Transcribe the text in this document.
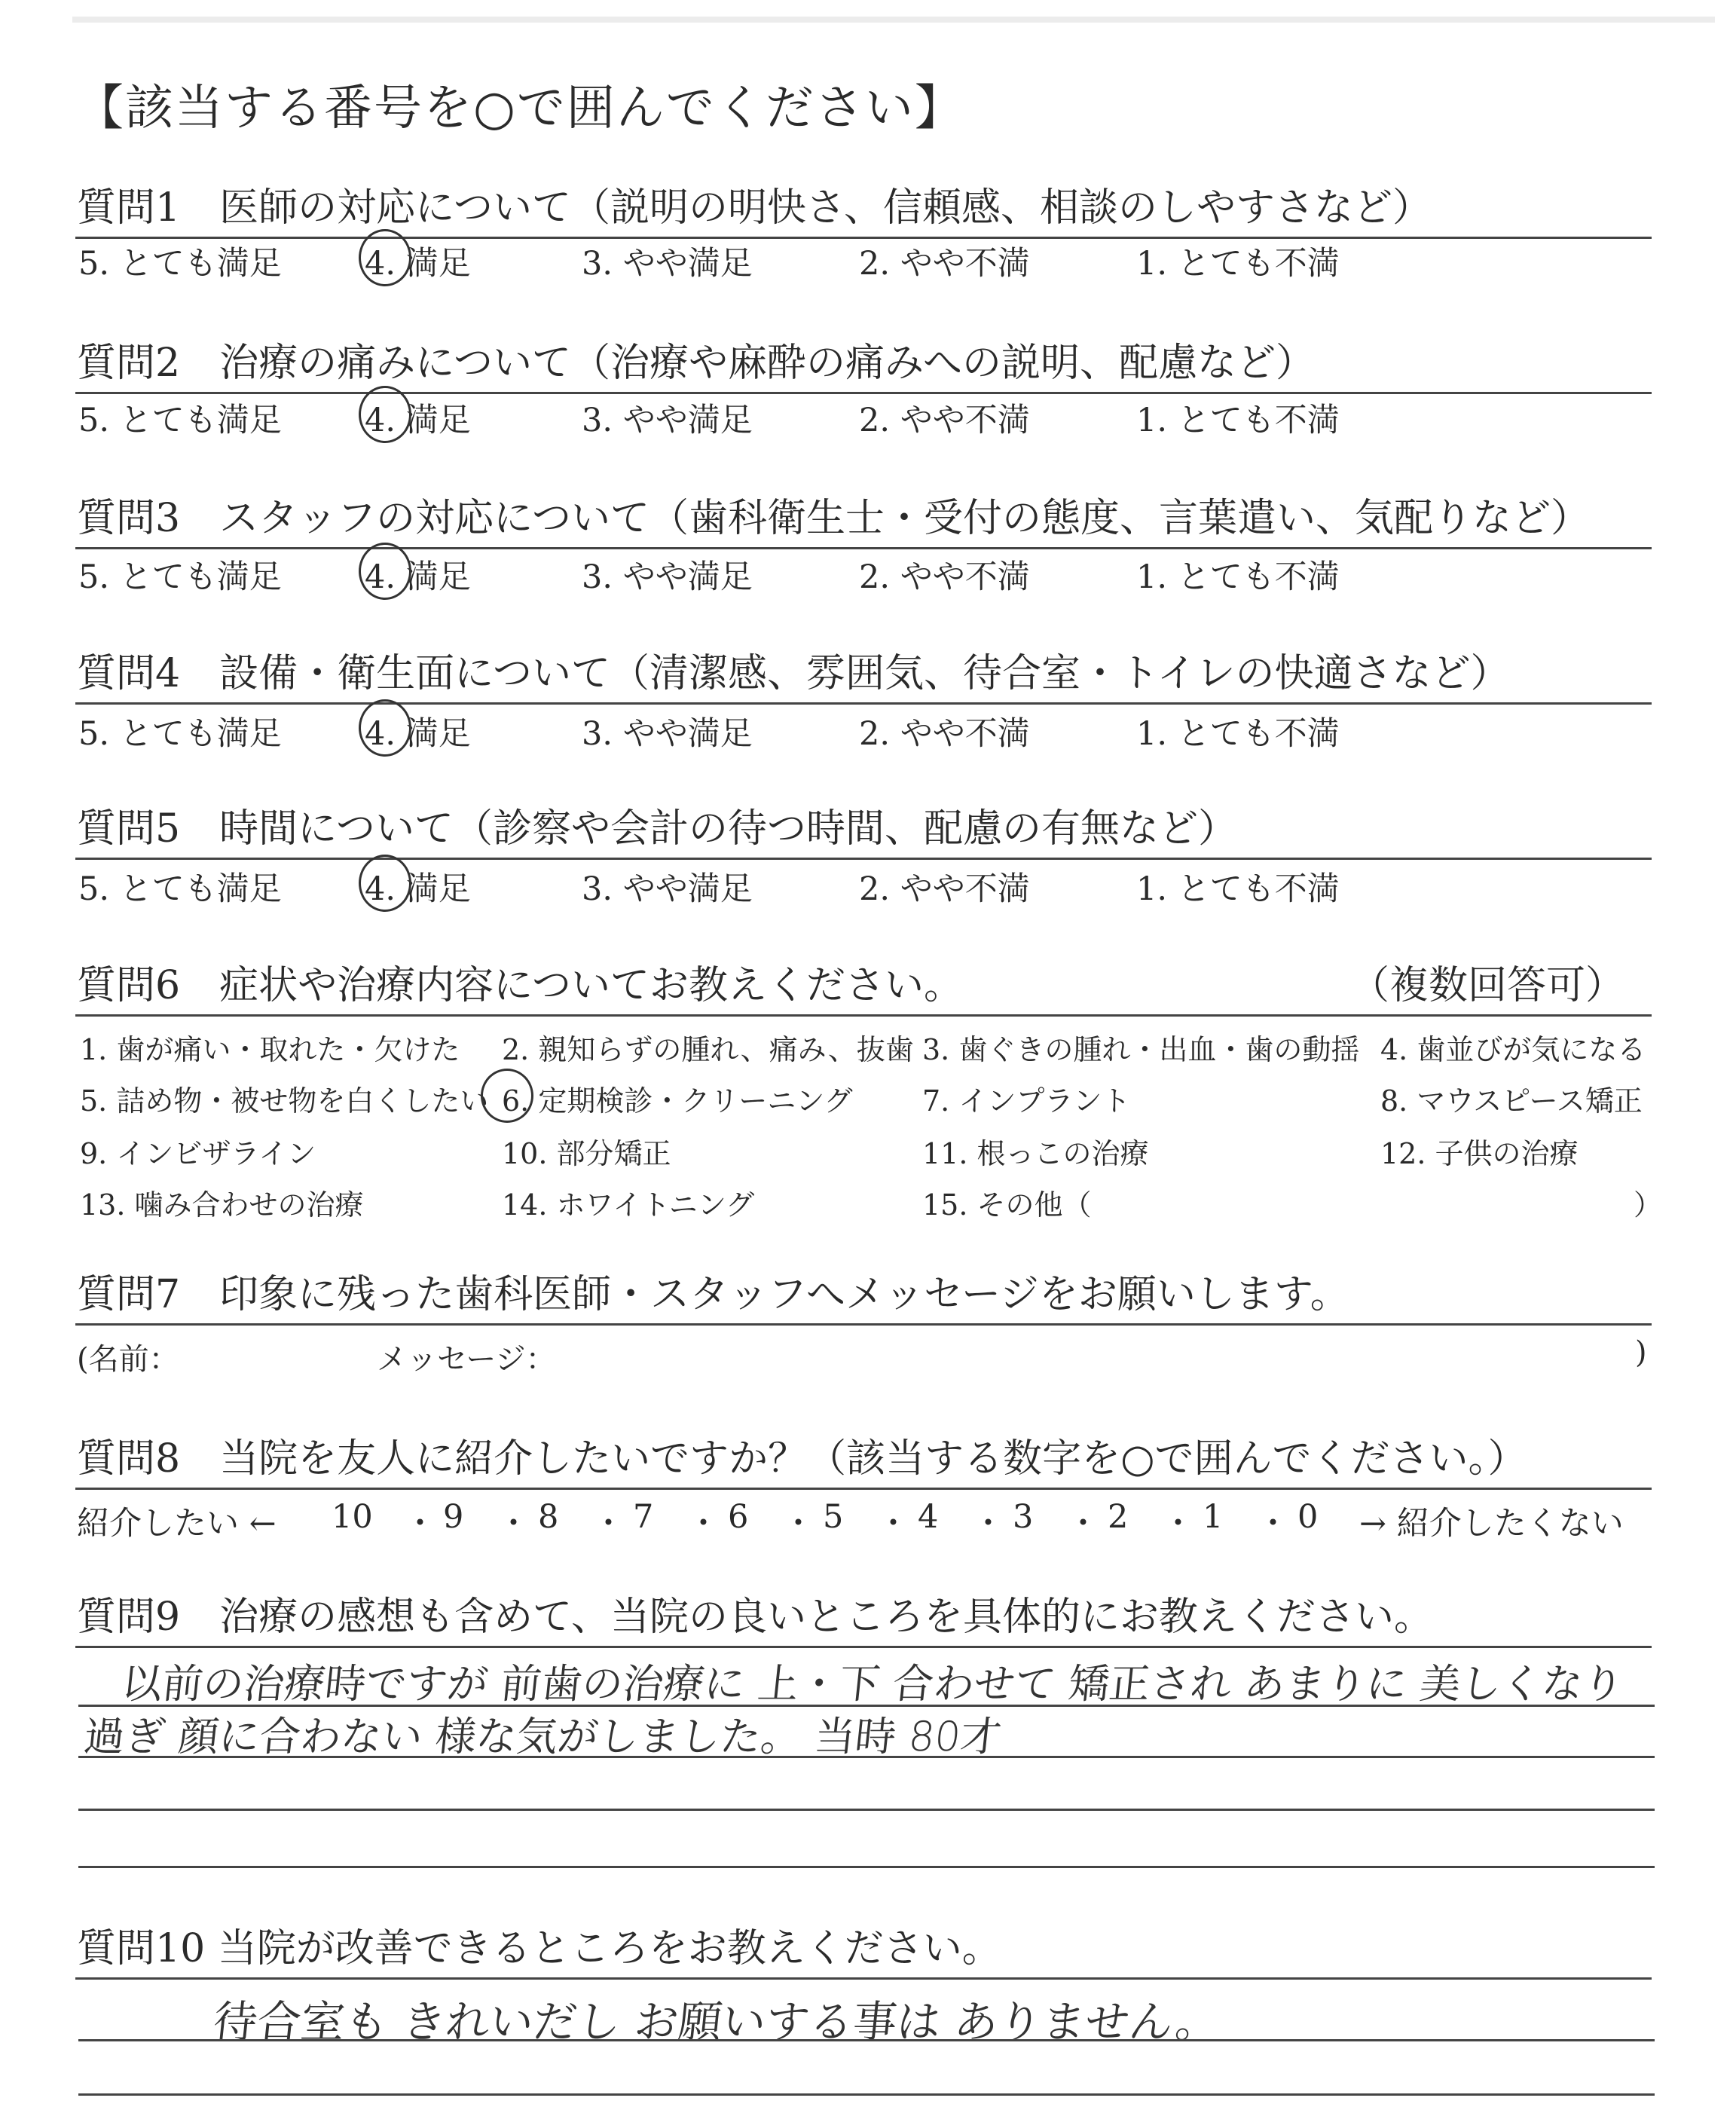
【該当する番号を○で囲んでください】
質問1　医師の対応について（説明の明快さ、信頼感、相談のしやすさなど）
5. とても満足	4. 満足	3. やや満足	2. やや不満	1. とても不満
質問2　治療の痛みについて（治療や麻酔の痛みへの説明、配慮など）
5. とても満足	4. 満足	3. やや満足	2. やや不満	1. とても不満
質問3　スタッフの対応について（歯科衛生士・受付の態度、言葉遣い、気配りなど）
5. とても満足	4. 満足	3. やや満足	2. やや不満	1. とても不満
質問4　設備・衛生面について（清潔感、雰囲気、待合室・トイレの快適さなど）
5. とても満足	4. 満足	3. やや満足	2. やや不満	1. とても不満
質問5　時間について（診察や会計の待つ時間、配慮の有無など）
5. とても満足	4. 満足	3. やや満足	2. やや不満	1. とても不満
質問6　症状や治療内容についてお教えください。	（複数回答可）
1. 歯が痛い・取れた・欠けた 2. 親知らずの腫れ、痛み、抜歯 3. 歯ぐきの腫れ・出血・歯の動揺 4. 歯並びが気になる
5. 詰め物・被せ物を白くしたい 6. 定期検診・クリーニング 7. インプラント	8. マウスピース矯正
9. インビザライン	10. 部分矯正	11. 根っこの治療	12. 子供の治療
13. 噛み合わせの治療	14. ホワイトニング	15. その他（	）
質問7　印象に残った歯科医師・スタッフへメッセージをお願いします。
(名前：	メッセージ：	)
質問8　当院を友人に紹介したいですか？（該当する数字を○で囲んでください。）
紹介したい ← 10 ・ 9 ・ 8 ・ 7 ・ 6 ・ 5 ・ 4 ・ 3 ・ 2 ・ 1 ・ 0 → 紹介したくない
質問9　治療の感想も含めて、当院の良いところを具体的にお教えください。
以前の治療時ですが 前歯の治療に 上・下 合わせて 矯正され あまりに 美しくなり
過ぎ 顔に合わない 様な気がしました。 当時 80才
質問10 当院が改善できるところをお教えください。
待合室も きれいだし お願いする事は ありません。
